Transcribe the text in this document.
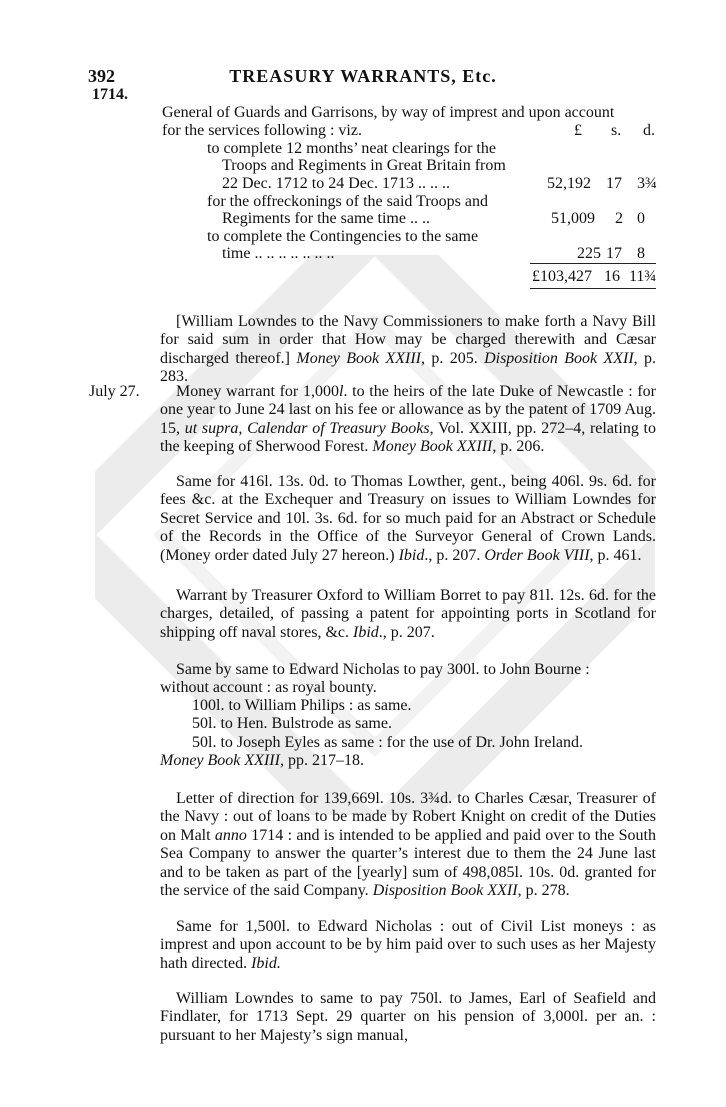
392	TREASURY WARRANTS, Etc.
1714.
General of Guards and Garrisons, by way of imprest and upon account
for the services following : viz.	£ s. d.
to complete 12 months’ neat clearings for the
Troops and Regiments in Great Britain from
22 Dec. 1712 to 24 Dec. 1713 .. .. ..	52,192 17 3¾
for the offreckonings of the said Troops and
Regiments for the same time .. ..	51,009 2 0
to complete the Contingencies to the same
time .. .. .. .. .. .. ..	225 17 8
£103,427 16 11¾
[William Lowndes to the Navy Commissioners to make forth a Navy Bill for said sum in order that How may be charged therewith and Cæsar discharged thereof.] Money Book XXIII, p. 205. Disposition Book XXII, p. 283.
July 27.	Money warrant for 1,000l. to the heirs of the late Duke of Newcastle : for one year to June 24 last on his fee or allowance as by the patent of 1709 Aug. 15, ut supra, Calendar of Treasury Books, Vol. XXIII, pp. 272–4, relating to the keeping of Sherwood Forest. Money Book XXIII, p. 206.
Same for 416l. 13s. 0d. to Thomas Lowther, gent., being 406l. 9s. 6d. for fees &c. at the Exchequer and Treasury on issues to William Lowndes for Secret Service and 10l. 3s. 6d. for so much paid for an Abstract or Schedule of the Records in the Office of the Surveyor General of Crown Lands. (Money order dated July 27 hereon.) Ibid., p. 207. Order Book VIII, p. 461.
Warrant by Treasurer Oxford to William Borret to pay 81l. 12s. 6d. for the charges, detailed, of passing a patent for appointing ports in Scotland for shipping off naval stores, &c. Ibid., p. 207.
Same by same to Edward Nicholas to pay 300l. to John Bourne :
without account : as royal bounty.
100l. to William Philips : as same.
50l. to Hen. Bulstrode as same.
50l. to Joseph Eyles as same : for the use of Dr. John Ireland.
Money Book XXIII, pp. 217–18.
Letter of direction for 139,669l. 10s. 3¾d. to Charles Cæsar, Treasurer of the Navy : out of loans to be made by Robert Knight on credit of the Duties on Malt anno 1714 : and is intended to be applied and paid over to the South Sea Company to answer the quarter’s interest due to them the 24 June last and to be taken as part of the [yearly] sum of 498,085l. 10s. 0d. granted for the service of the said Company. Disposition Book XXII, p. 278.
Same for 1,500l. to Edward Nicholas : out of Civil List moneys : as imprest and upon account to be by him paid over to such uses as her Majesty hath directed. Ibid.
William Lowndes to same to pay 750l. to James, Earl of Seafield and Findlater, for 1713 Sept. 29 quarter on his pension of 3,000l. per an. : pursuant to her Majesty’s sign manual,
